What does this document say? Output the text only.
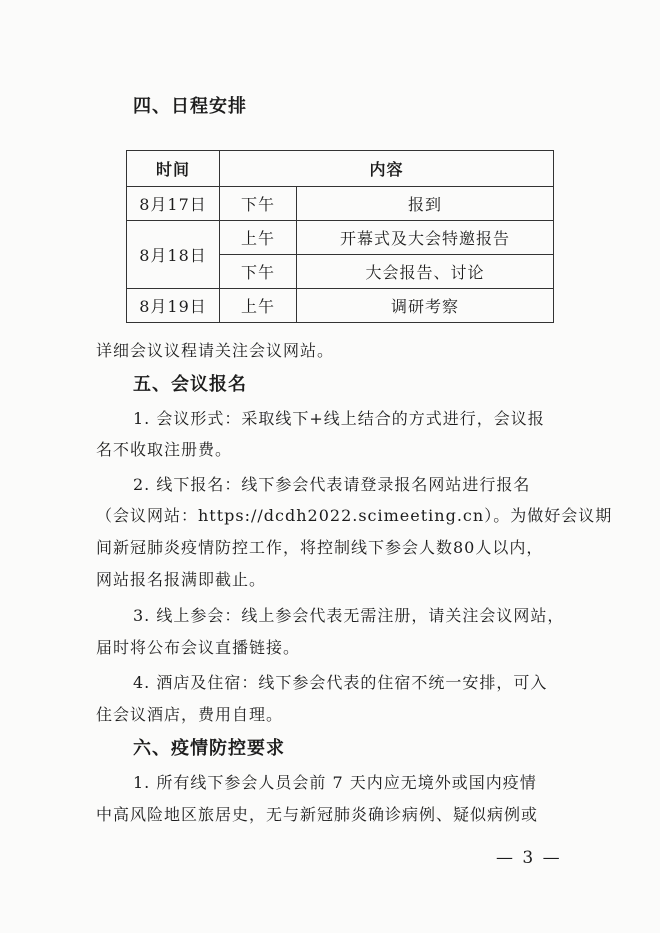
四、日程安排
时间	内容	
8月17日	下午	报到
8月18日	上午	开幕式及大会特邀报告
	下午	大会报告、讨论
8月19日	上午	调研考察
详细会议议程请关注会议网站。
五、会议报名
1. 会议形式：采取线下+线上结合的方式进行，会议报
名不收取注册费。
2. 线下报名：线下参会代表请登录报名网站进行报名
（会议网站：https://dcdh2022.scimeeting.cn）。为做好会议期
间新冠肺炎疫情防控工作，将控制线下参会人数80人以内，
网站报名报满即截止。
3. 线上参会：线上参会代表无需注册，请关注会议网站，
届时将公布会议直播链接。
4. 酒店及住宿：线下参会代表的住宿不统一安排，可入
住会议酒店，费用自理。
六、疫情防控要求
1. 所有线下参会人员会前 7 天内应无境外或国内疫情
中高风险地区旅居史，无与新冠肺炎确诊病例、疑似病例或
— 3 —
